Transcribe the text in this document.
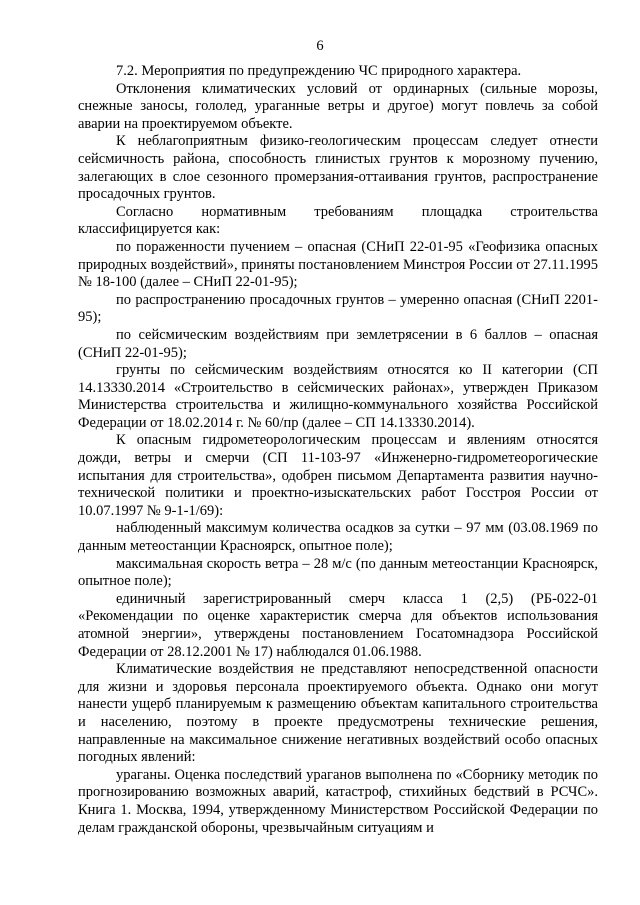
6

7.2. Мероприятия по предупреждению ЧС природного характера.

Отклонения климатических условий от ординарных (сильные морозы, снежные заносы, гололед, ураганные ветры и другое) могут повлечь за собой аварии на проектируемом объекте.

К неблагоприятным физико-геологическим процессам следует отнести сейсмичность района, способность глинистых грунтов к морозному пучению, залегающих в слое сезонного промерзания-оттаивания грунтов, распространение просадочных грунтов.

Согласно нормативным требованиям площадка строительства классифицируется как:

по пораженности пучением – опасная (СНиП 22-01-95 «Геофизика опасных природных воздействий», приняты постановлением Минстроя России от 27.11.1995 № 18-100 (далее – СНиП 22-01-95);

по распространению просадочных грунтов – умеренно опасная (СНиП 2201-95);

по сейсмическим воздействиям при землетрясении в 6 баллов – опасная (СНиП 22-01-95);

грунты по сейсмическим воздействиям относятся ко II категории (СП 14.13330.2014 «Строительство в сейсмических районах», утвержден Приказом Министерства строительства и жилищно-коммунального хозяйства Российской Федерации от 18.02.2014 г. № 60/пр (далее – СП 14.13330.2014).

К опасным гидрометеорологическим процессам и явлениям относятся дожди, ветры и смерчи (СП 11-103-97 «Инженерно-гидрометеорогические испытания для строительства», одобрен письмом Департамента развития научно-технической политики и проектно-изыскательских работ Госстроя России от 10.07.1997 № 9-1-1/69):

наблюденный максимум количества осадков за сутки – 97 мм (03.08.1969 по данным метеостанции Красноярск, опытное поле);

максимальная скорость ветра – 28 м/с (по данным метеостанции Красноярск, опытное поле);

единичный зарегистрированный смерч класса 1 (2,5) (РБ-022-01 «Рекомендации по оценке характеристик смерча для объектов использования атомной энергии», утверждены постановлением Госатомнадзора Российской Федерации от 28.12.2001 № 17) наблюдался 01.06.1988.

Климатические воздействия не представляют непосредственной опасности для жизни и здоровья персонала проектируемого объекта. Однако они могут нанести ущерб планируемым к размещению объектам капитального строительства и населению, поэтому в проекте предусмотрены технические решения, направленные на максимальное снижение негативных воздействий особо опасных погодных явлений:

ураганы. Оценка последствий ураганов выполнена по «Сборнику методик по прогнозированию возможных аварий, катастроф, стихийных бедствий в РСЧС». Книга 1. Москва, 1994, утвержденному Министерством Российской Федерации по делам гражданской обороны, чрезвычайным ситуациям и
